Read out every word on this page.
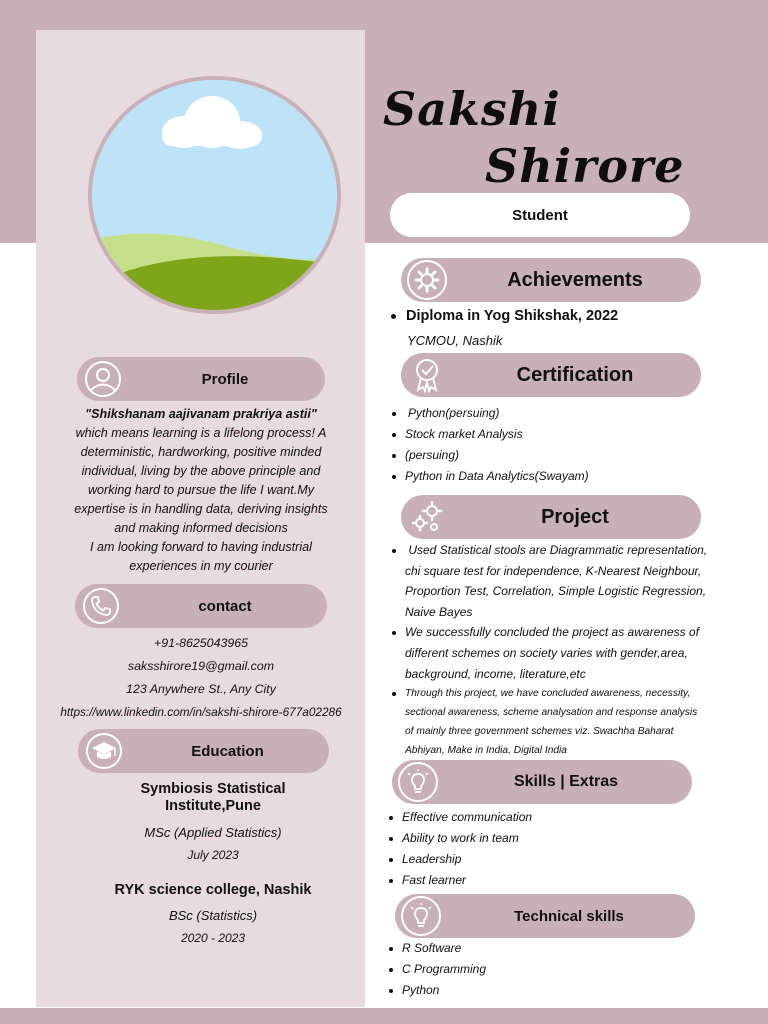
Sakshi
Shirore
Student
Profile
"Shikshanam aajivanam prakriya astii"
which means learning is a lifelong process! A
deterministic, hardworking, positive minded
individual, living by the above principle and
working hard to pursue the life I want.My
expertise is in handling data, deriving insights
and making informed decisions
I am looking forward to having industrial
experiences in my courier
contact
+91-8625043965
saksshirore19@gmail.com
123 Anywhere St., Any City
https://www.linkedin.com/in/sakshi-shirore-677a02286
Education
Symbiosis Statistical
Institute,Pune
MSc (Applied Statistics)
July 2023
RYK science college, Nashik
BSc (Statistics)
2020 - 2023
Achievements
Diploma in Yog Shikshak, 2022
YCMOU, Nashik
Certification
Python(persuing)
Stock market Analysis
(persuing)
Python in Data Analytics(Swayam)
Project
Used Statistical stools are Diagrammatic representation,
chi square test for independence, K-Nearest Neighbour,
Proportion Test, Correlation, Simple Logistic Regression,
Naive Bayes
We successfully concluded the project as awareness of
different schemes on society varies with gender,area,
background, income, literature,etc
Through this project, we have concluded awareness, necessity,
sectional awareness, scheme analysation and response analysis
of mainly three government schemes viz. Swachha Baharat
Abhiyan, Make in India, Digital India
Skills | Extras
Effective communication
Ability to work in team
Leadership
Fast learner
Technical skills
R Software
C Programming
Python
